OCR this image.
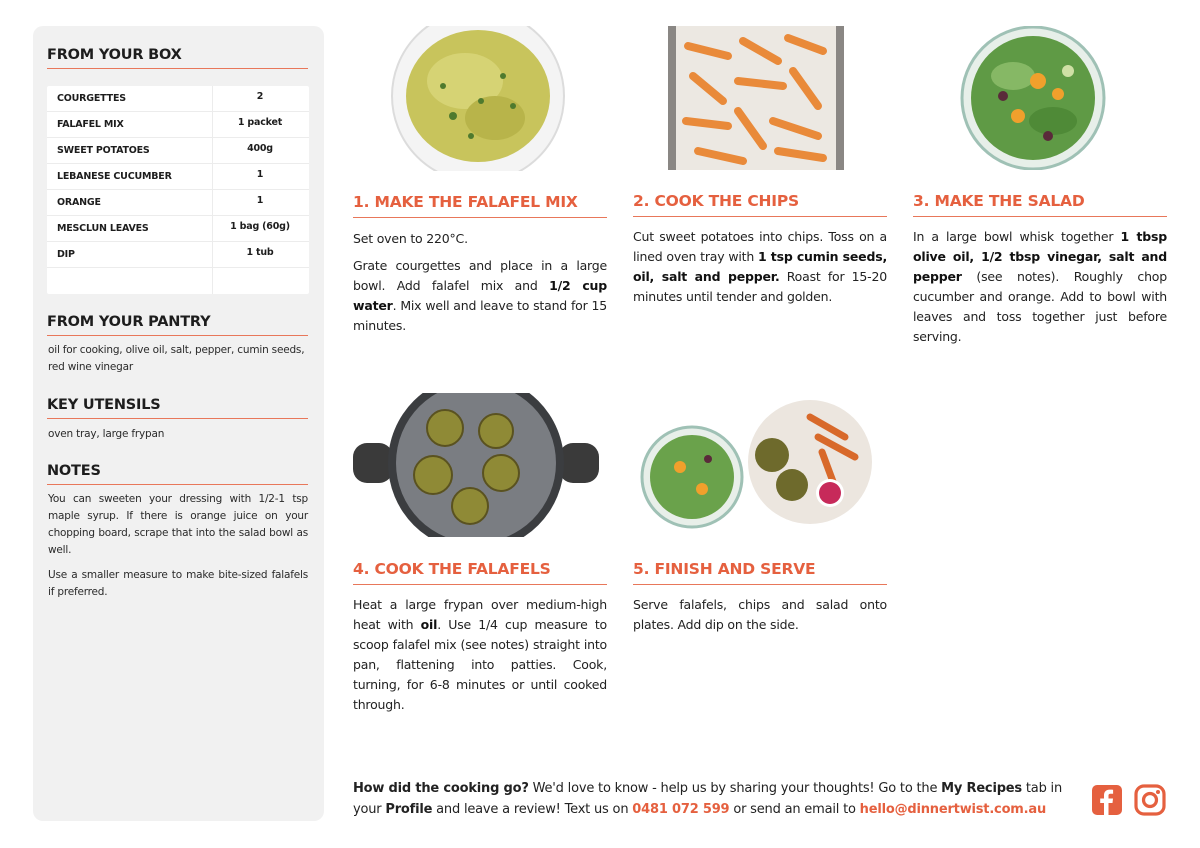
FROM YOUR BOX
COURGETTES	2
FALAFEL MIX	1 packet
SWEET POTATOES	400g
LEBANESE CUCUMBER	1
ORANGE	1
MESCLUN LEAVES	1 bag (60g)
DIP	1 tub
FROM YOUR PANTRY
oil for cooking, olive oil, salt, pepper, cumin seeds, red wine vinegar
KEY UTENSILS
oven tray, large frypan
NOTES
You can sweeten your dressing with 1/2-1 tsp maple syrup. If there is orange juice on your chopping board, scrape that into the salad bowl as well.
Use a smaller measure to make bite-sized falafels if preferred.
1. MAKE THE FALAFEL MIX

Set oven to 220°C.

Grate courgettes and place in a large bowl. Add falafel mix and 1/2 cup water. Mix well and leave to stand for 15 minutes.

2. COOK THE CHIPS

Cut sweet potatoes into chips. Toss on a lined oven tray with 1 tsp cumin seeds, oil, salt and pepper. Roast for 15-20 minutes until tender and golden.

3. MAKE THE SALAD

In a large bowl whisk together 1 tbsp olive oil, 1/2 tbsp vinegar, salt and pepper (see notes). Roughly chop cucumber and orange. Add to bowl with leaves and toss together just before serving.

4. COOK THE FALAFELS

Heat a large frypan over medium-high heat with oil. Use 1/4 cup measure to scoop falafel mix (see notes) straight into pan, flattening into patties. Cook, turning, for 6-8 minutes or until cooked through.

5. FINISH AND SERVE

Serve falafels, chips and salad onto plates. Add dip on the side.

How did the cooking go? We'd love to know - help us by sharing your thoughts! Go to the My Recipes tab in your Profile and leave a review! Text us on 0481 072 599 or send an email to hello@dinnertwist.com.au
